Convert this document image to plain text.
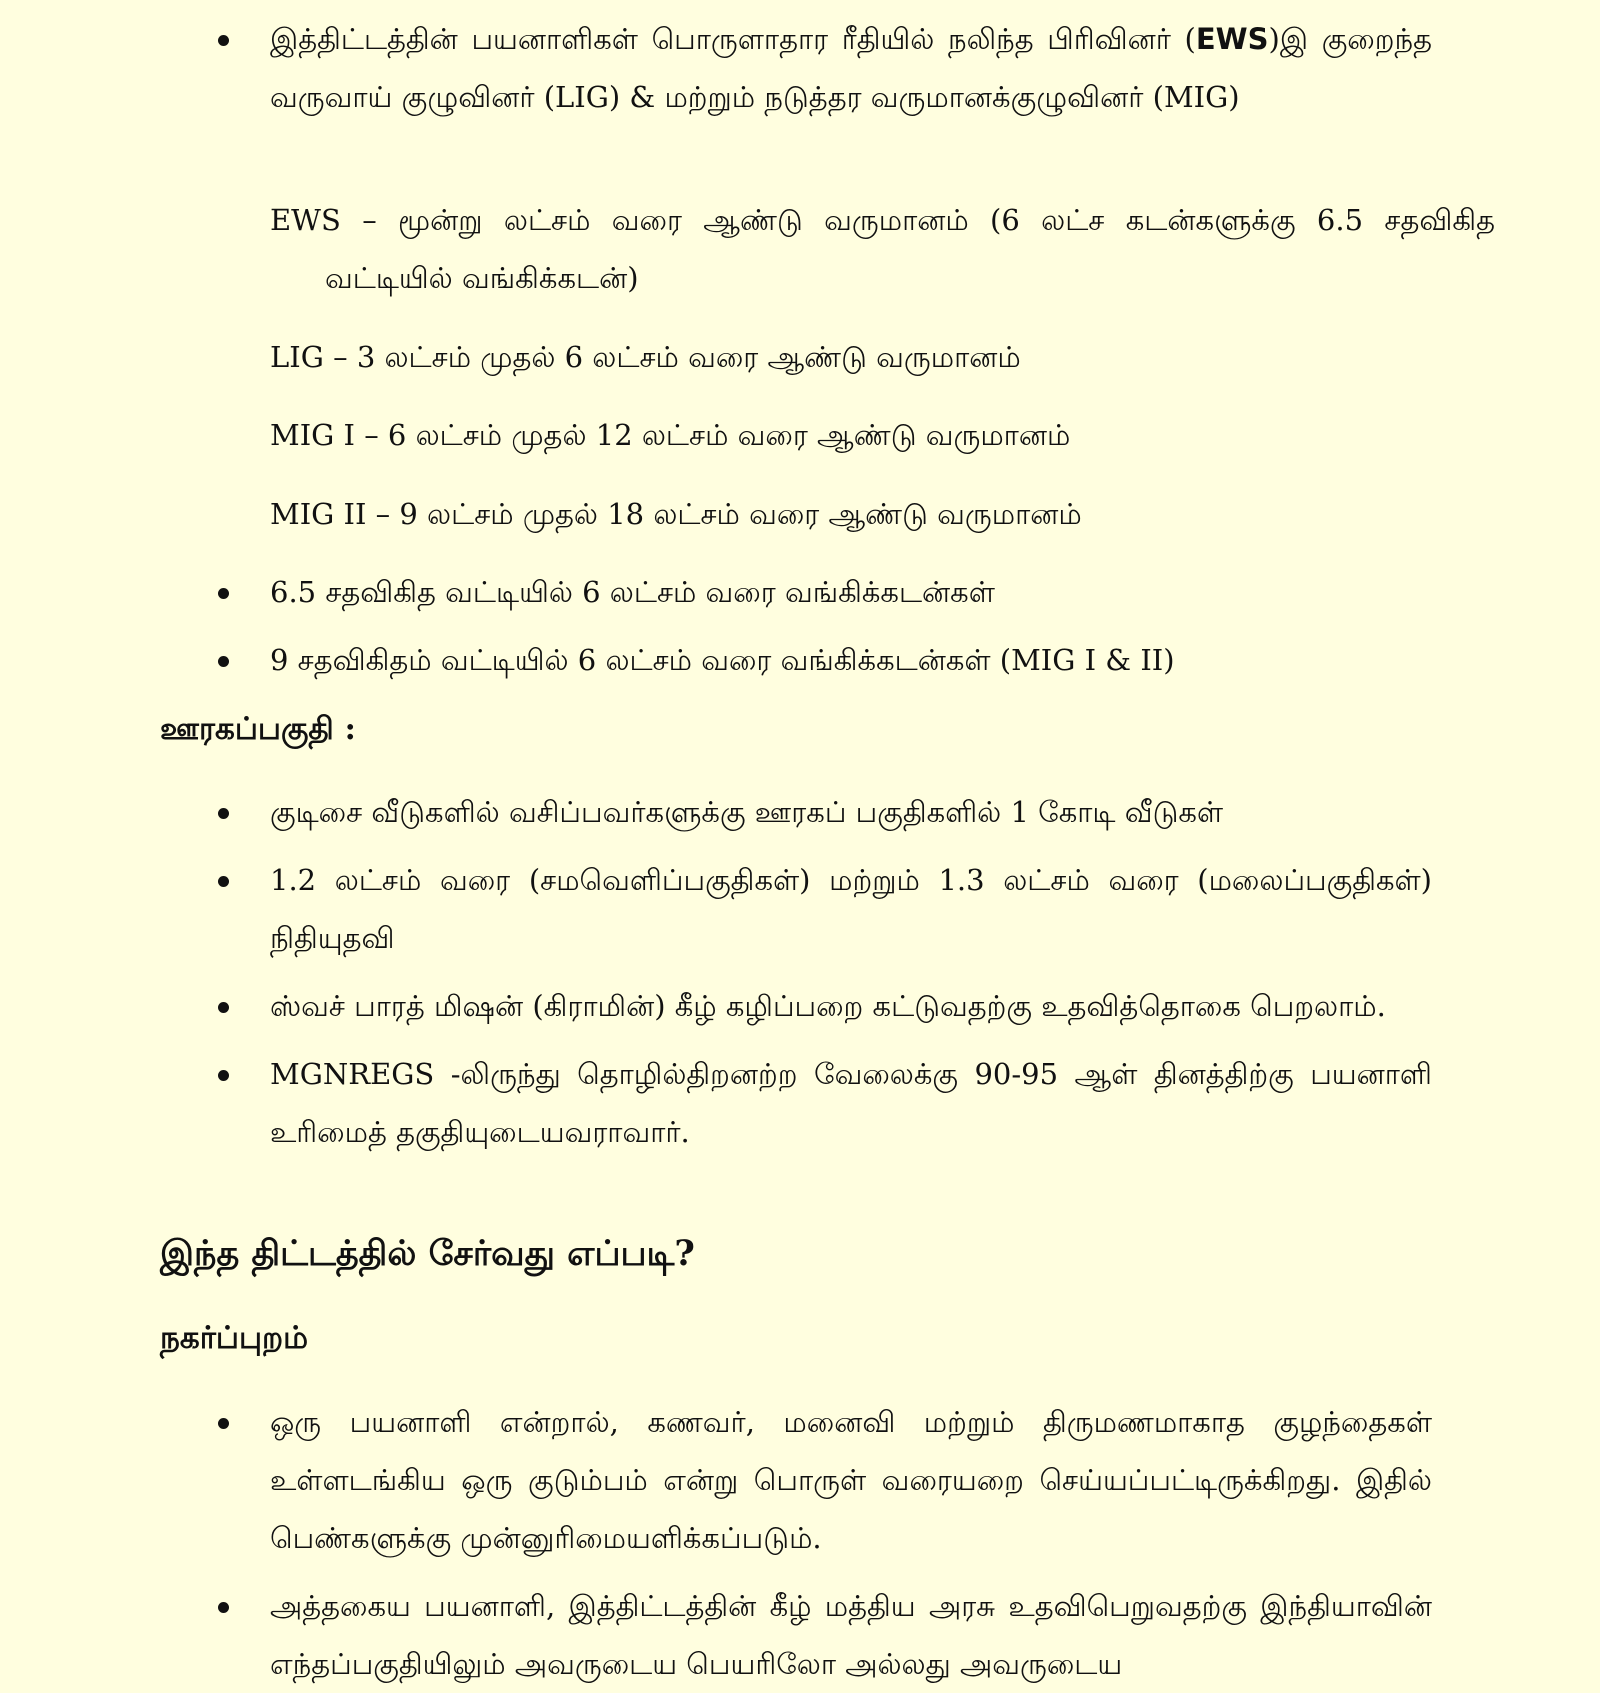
இத்திட்டத்தின் பயனாளிகள் பொருளாதார ரீதியில் நலிந்த பிரிவினர் (EWS)இ குறைந்த வருவாய் குழுவினர் (LIG) & மற்றும் நடுத்தர வருமானக்குழுவினர் (MIG)

EWS – மூன்று லட்சம் வரை ஆண்டு வருமானம் (6 லட்ச கடன்களுக்கு 6.5 சதவிகித வட்டியில் வங்கிக்கடன்)

LIG – 3 லட்சம் முதல் 6 லட்சம் வரை ஆண்டு வருமானம்

MIG I – 6 லட்சம் முதல் 12 லட்சம் வரை ஆண்டு வருமானம்

MIG II – 9 லட்சம் முதல் 18 லட்சம் வரை ஆண்டு வருமானம்

6.5 சதவிகித வட்டியில் 6 லட்சம் வரை வங்கிக்கடன்கள்
9 சதவிகிதம் வட்டியில் 6 லட்சம் வரை வங்கிக்கடன்கள் (MIG I & II)
ஊரகப்பகுதி :
குடிசை வீடுகளில் வசிப்பவர்களுக்கு ஊரகப் பகுதிகளில் 1 கோடி வீடுகள்
1.2 லட்சம் வரை (சமவெளிப்பகுதிகள்) மற்றும் 1.3 லட்சம் வரை (மலைப்பகுதிகள்) நிதியுதவி
ஸ்வச் பாரத் மிஷன் (கிராமின்) கீழ் கழிப்பறை கட்டுவதற்கு உதவித்தொகை பெறலாம்.
MGNREGS -லிருந்து தொழில்திறனற்ற வேலைக்கு 90-95 ஆள் தினத்திற்கு பயனாளி உரிமைத் தகுதியுடையவராவார்.
இந்த திட்டத்தில் சேர்வது எப்படி?
நகர்ப்புறம்
ஒரு பயனாளி என்றால், கணவர், மனைவி மற்றும் திருமணமாகாத குழந்தைகள் உள்ளடங்கிய ஒரு குடும்பம் என்று பொருள் வரையறை செய்யப்பட்டிருக்கிறது. இதில் பெண்களுக்கு முன்னுரிமையளிக்கப்படும்.
அத்தகைய பயனாளி, இத்திட்டத்தின் கீழ் மத்திய அரசு உதவிபெறுவதற்கு இந்தியாவின் எந்தப்பகுதியிலும் அவருடைய பெயரிலோ அல்லது அவருடைய
